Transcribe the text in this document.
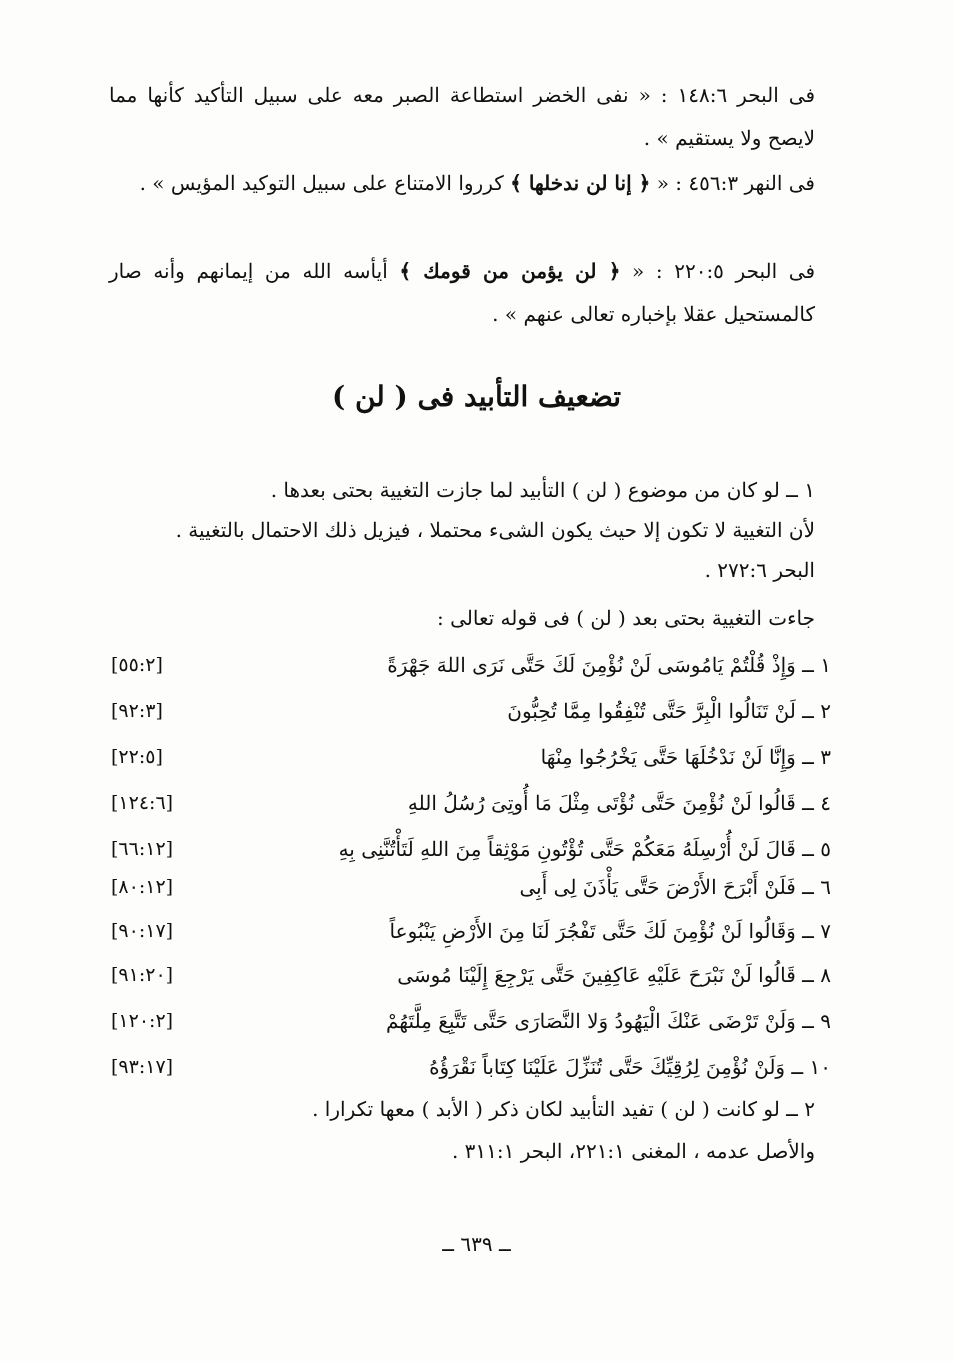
فى البحر ١٤٨:٦ : « نفى الخضر استطاعة الصبر معه على سبيل التأكيد كأنها مما لايصح ولا يستقيم » .
فى النهر ٤٥٦:٣ : « ﴿ إنا لن ندخلها ﴾ كرروا الامتناع على سبيل التوكيد المؤيس » .
فى البحر ٢٢٠:٥ : « ﴿ لن يؤمن من قومك ﴾ أيأسه الله من إيمانهم وأنه صار كالمستحيل عقلا بإخباره تعالى عنهم » .
تضعيف التأبيد فى ( لن )
١ ــ لو كان من موضوع ( لن ) التأبيد لما جازت التغيية بحتى بعدها .
لأن التغيية لا تكون إلا حيث يكون الشىء محتملا ، فيزيل ذلك الاحتمال بالتغيية .
البحر ٢٧٢:٦ .
جاءت التغيية بحتى بعد ( لن ) فى قوله تعالى :
١ ــ وَإِذْ قُلْتُمْ يَامُوسَى لَنْ نُؤْمِنَ لَكَ حَتَّى نَرَى اللهَ جَهْرَةً
[٥٥:٢]
٢ ــ لَنْ تَنَالُوا الْبِرَّ حَتَّى تُنْفِقُوا مِمَّا تُحِبُّونَ
[٩٢:٣]
٣ ــ وَإِنَّا لَنْ نَدْخُلَهَا حَتَّى يَخْرُجُوا مِنْهَا
[٢٢:٥]
٤ ــ قَالُوا لَنْ نُؤْمِنَ حَتَّى نُؤْتَى مِثْلَ مَا أُوتِىَ رُسُلُ اللهِ
[١٢٤:٦]
٥ ــ قَالَ لَنْ أُرْسِلَهُ مَعَكُمْ حَتَّى تُؤْتُونِ مَوْثِقاً مِنَ اللهِ لَتَأْتُنَّنِى بِهِ
[٦٦:١٢]
٦ ــ فَلَنْ أَبْرَحَ الأَرْضَ حَتَّى يَأْذَنَ لِى أَبِى
[٨٠:١٢]
٧ ــ وَقَالُوا لَنْ نُؤْمِنَ لَكَ حَتَّى تَفْجُرَ لَنَا مِنَ الأَرْضِ يَنْبُوعاً
[٩٠:١٧]
٨ ــ قَالُوا لَنْ نَبْرَحَ عَلَيْهِ عَاكِفِينَ حَتَّى يَرْجِعَ إِلَيْنَا مُوسَى
[٩١:٢٠]
٩ ــ وَلَنْ تَرْضَى عَنْكَ الْيَهُودُ وَلا النَّصَارَى حَتَّى تَتَّبِعَ مِلَّتَهُمْ
[١٢٠:٢]
١٠ ــ وَلَنْ نُؤْمِنَ لِرُقِيِّكَ حَتَّى تُنَزِّلَ عَلَيْنَا كِتَاباً نَقْرَؤُهُ
[٩٣:١٧]
٢ ــ لو كانت ( لن ) تفيد التأبيد لكان ذكر ( الأبد ) معها تكرارا .
والأصل عدمه ، المغنى ٢٢١:١، البحر ٣١١:١ .
ــ ٦٣٩ ــ
